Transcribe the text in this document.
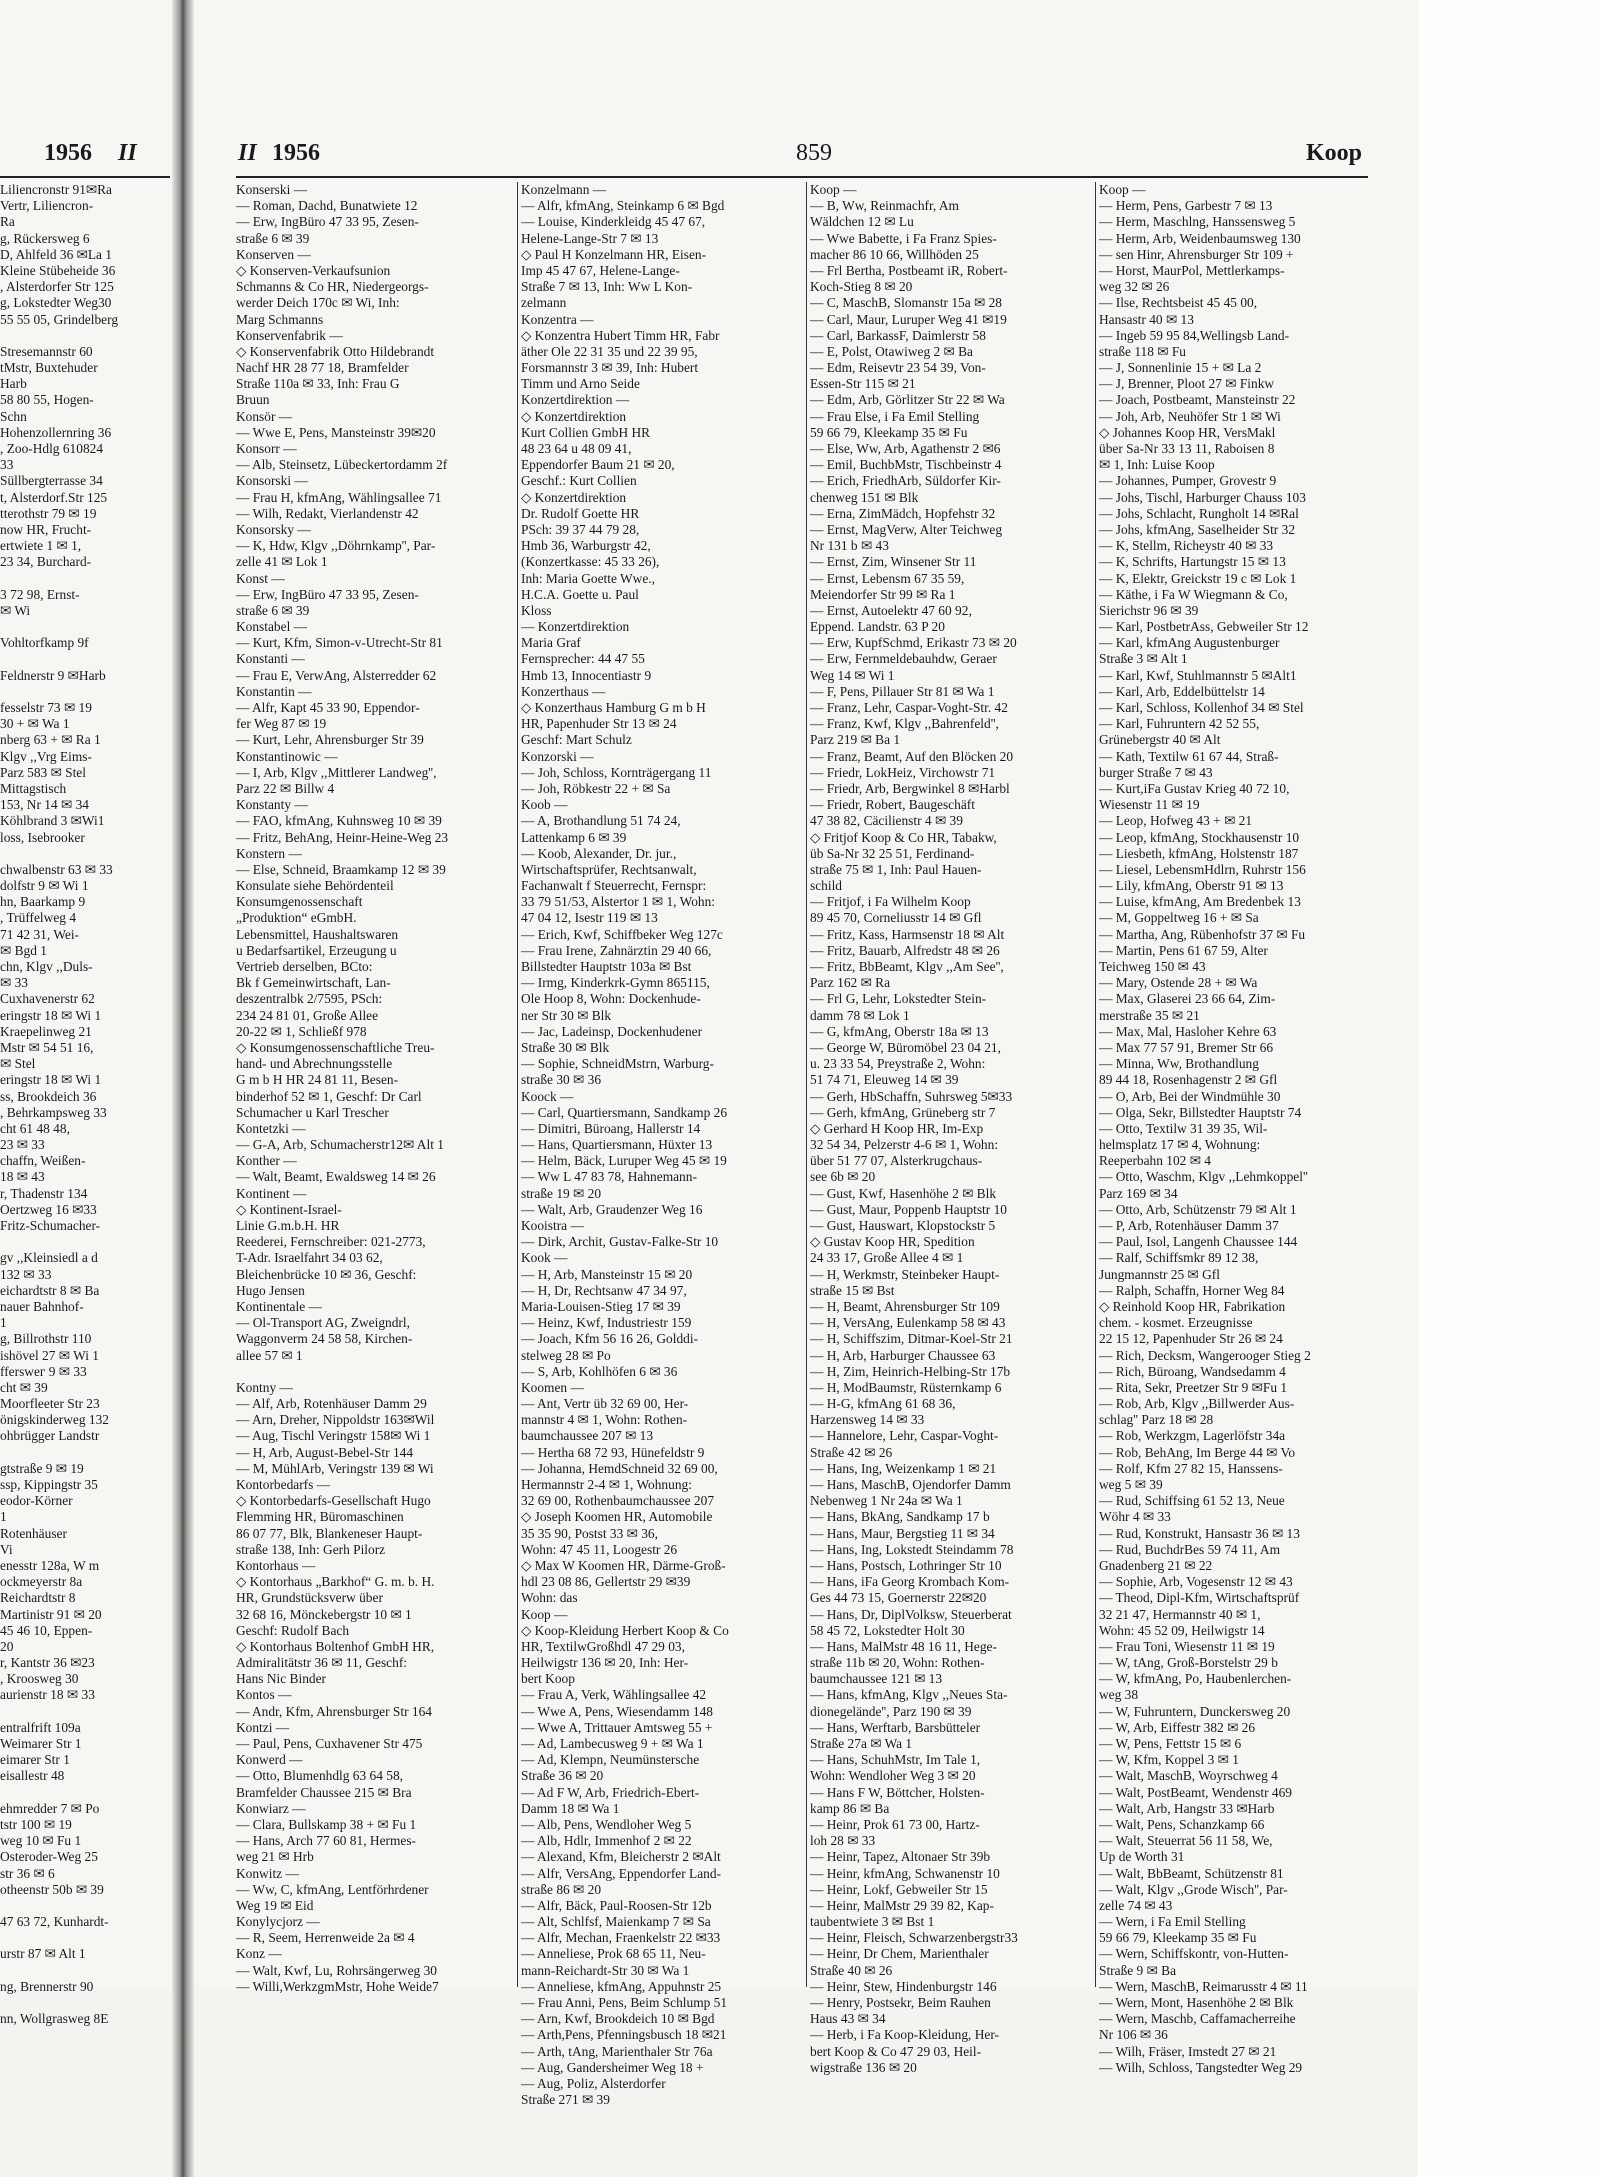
1956 II	II 1956	859	Koop
Liliencronstr 91✉Ra
Vertr, Liliencron-
Ra
g, Rückersweg 6
D, Ahlfeld 36 ✉La 1
Kleine Stübeheide 36
, Alsterdorfer Str 125
g, Lokstedter Weg30
55 55 05, Grindelberg
Stresemannstr 60
tMstr, Buxtehuder
Harb
58 80 55, Hogen-
Schn
Hohenzollernring 36
, Zoo-Hdlg 610824
33
Süllbergterrasse 34
t, Alsterdorf.Str 125
tterothstr 79 ✉ 19
now HR, Frucht-
ertwiete 1 ✉ 1,
23 34, Burchard-
3 72 98, Ernst-
✉ Wi
Vohltorfkamp 9f
Feldnerstr 9 ✉Harb
fesselstr 73 ✉ 19
30 + ✉ Wa 1
nberg 63 + ✉ Ra 1
Klgv ,,Vrg Eims-
Parz 583 ✉ Stel
Mittagstisch
153, Nr 14 ✉ 34
Köhlbrand 3 ✉Wi1
loss, Isebrooker
chwalbenstr 63 ✉ 33
dolfstr 9 ✉ Wi 1
hn, Baarkamp 9
, Trüffelweg 4
71 42 31, Wei-
✉ Bgd 1
chn, Klgv ,,Duls-
✉ 33
Cuxhavenerstr 62
eringstr 18 ✉ Wi 1
Kraepelinweg 21
Mstr ✉ 54 51 16,
✉ Stel
eringstr 18 ✉ Wi 1
ss, Brookdeich 36
, Behrkampsweg 33
cht 61 48 48,
23 ✉ 33
chaffn, Weißen-
18 ✉ 43
r, Thadenstr 134
Oertzweg 16 ✉33
Fritz-Schumacher-
gv ,,Kleinsiedl a d
132 ✉ 33
eichardtstr 8 ✉ Ba
nauer Bahnhof-
1
g, Billrothstr 110
ishövel 27 ✉ Wi 1
fferswег 9 ✉ 33
cht ✉ 39
Moorfleeter Str 23
önigskinderweg 132
ohbrügger Landstr
gtstraße 9 ✉ 19
ssp, Kippingstr 35
eodor-Körner
1
Rotenhäuser
Vi
enesstr 128a, W m
ockmeyerstr 8a
Reichardtstr 8
Martinistr 91 ✉ 20
45 46 10, Eppen-
20
r, Kantstr 36 ✉23
, Kroosweg 30
aurienstr 18 ✉ 33
entralfrift 109a
Weimarer Str 1
eimarer Str 1
eisallestr 48
ehmredder 7 ✉ Po
tstr 100 ✉ 19
weg 10 ✉ Fu 1
Osteroder-Weg 25
str 36 ✉ 6
otheenstr 50b ✉ 39
47 63 72, Kunhardt-
urstr 87 ✉ Alt 1
ng, Brennerstr 90
nn, Wollgrasweg 8E
Konserski —
— Roman, Dachd, Bunatwiete 12
— Erw, IngBüro 47 33 95, Zesen-
straße 6 ✉ 39
Konserven —
◇ Konserven-Verkaufsunion
Schmanns & Co HR, Niedergeorgs-
werder Deich 170c ✉ Wi, Inh:
Marg Schmanns
Konservenfabrik —
◇ Konservenfabrik Otto Hildebrandt
Nachf HR 28 77 18, Bramfelder
Straße 110a ✉ 33, Inh: Frau G
Bruun
Konsör —
— Wwe E, Pens, Mansteinstr 39✉20
Konsorr —
— Alb, Steinsetz, Lübeckertordamm 2f
Konsorski —
— Frau H, kfmAng, Wählingsallee 71
— Wilh, Redakt, Vierlandenstr 42
Konsorsky —
— K, Hdw, Klgv ,,Döhrnkamp'', Par-
zelle 41 ✉ Lok 1
Konst —
— Erw, IngBüro 47 33 95, Zesen-
straße 6 ✉ 39
Konstabel —
— Kurt, Kfm, Simon-v-Utrecht-Str 81
Konstanti —
— Frau E, VerwAng, Alsterredder 62
Konstantin —
— Alfr, Kapt 45 33 90, Eppendor-
fer Weg 87 ✉ 19
— Kurt, Lehr, Ahrensburger Str 39
Konstantinowic —
— I, Arb, Klgv ,,Mittlerer Landweg'',
Parz 22 ✉ Billw 4
Konstanty —
— FAO, kfmAng, Kuhnsweg 10 ✉ 39
— Fritz, BehAng, Heinr-Heine-Weg 23
Konstern —
— Else, Schneid, Braamkamp 12 ✉ 39
Konsulate siehe Behördenteil
Konsumgenossenschaft
„Produktion“ eGmbH.
Lebensmittel, Haushaltswaren
u Bedarfsartikel, Erzeugung u
Vertrieb derselben, BCto:
Bk f Gemeinwirtschaft, Lan-
deszentralbk 2/7595, PSch:
234 24 81 01, Große Allee
20-22 ✉ 1, Schließf 978
◇ Konsumgenossenschaftliche Treu-
hand- und Abrechnungsstelle
G m b H HR 24 81 11, Besen-
binderhof 52 ✉ 1, Geschf: Dr Carl
Schumacher u Karl Trescher
Kontetzki —
— G-A, Arb, Schumacherstr12✉ Alt 1
Konther —
— Walt, Beamt, Ewaldsweg 14 ✉ 26
Kontinent —
◇ Kontinent-Israel-
Linie G.m.b.H. HR
Reederei, Fernschreiber: 021-2773,
T-Adr. Israelfahrt 34 03 62,
Bleichenbrücke 10 ✉ 36, Geschf:
Hugo Jensen
Kontinentale —
— Ol-Transport AG, Zweigndrl,
Waggonverm 24 58 58, Kirchen-
allee 57 ✉ 1
Kontny —
— Alf, Arb, Rotenhäuser Damm 29
— Arn, Dreher, Nippoldstr 163✉Wil
— Aug, Tischl Veringstr 158✉ Wi 1
— H, Arb, August-Bebel-Str 144
— M, MühlArb, Veringstr 139 ✉ Wi
Kontorbedarfs —
◇ Kontorbedarfs-Gesellschaft Hugo
Flemming HR, Büromaschinen
86 07 77, Blk, Blankeneser Haupt-
straße 138, Inh: Gerh Pilorz
Kontorhaus —
◇ Kontorhaus „Barkhof“ G. m. b. H.
HR, Grundstücksverw über
32 68 16, Mönckebergstr 10 ✉ 1
Geschf: Rudolf Bach
◇ Kontorhaus Boltenhof GmbH HR,
Admiralitätstr 36 ✉ 11, Geschf:
Hans Nic Binder
Kontos —
— Andr, Kfm, Ahrensburger Str 164
Kontzi —
— Paul, Pens, Cuxhavener Str 475
Konwerd —
— Otto, Blumenhdlg 63 64 58,
Bramfelder Chaussee 215 ✉ Bra
Konwiarz —
— Clara, Bullskamp 38 + ✉ Fu 1
— Hans, Arch 77 60 81, Hermes-
weg 21 ✉ Hrb
Konwitz —
— Ww, C, kfmAng, Lentförhrdener
Weg 19 ✉ Eid
Konylycjorz —
— R, Seem, Herrenweide 2a ✉ 4
Konz —
— Walt, Kwf, Lu, Rohrsängerweg 30
— Willi,WerkzgmMstr, Hohe Weide7
Konzelmann —
— Alfr, kfmAng, Steinkamp 6 ✉ Bgd
— Louise, Kinderkleidg 45 47 67,
Helene-Lange-Str 7 ✉ 13
◇ Paul H Konzelmann HR, Eisen-
Imp 45 47 67, Helene-Lange-
Straße 7 ✉ 13, Inh: Ww L Kon-
zelmann
Konzentra —
◇ Konzentra Hubert Timm HR, Fabr
äther Ole 22 31 35 und 22 39 95,
Forsmannstr 3 ✉ 39, Inh: Hubert
Timm und Arno Seide
Konzertdirektion —
◇ Konzertdirektion
Kurt Collien GmbH HR
48 23 64 u 48 09 41,
Eppendorfer Baum 21 ✉ 20,
Geschf.: Kurt Collien
◇ Konzertdirektion
Dr. Rudolf Goette HR
PSch: 39 37 44 79 28,
Hmb 36, Warburgstr 42,
(Konzertkasse: 45 33 26),
Inh: Maria Goette Wwe.,
H.C.A. Goette u. Paul
Kloss
— Konzertdirektion
Maria Graf
Fernsprecher: 44 47 55
Hmb 13, Innocentiastr 9
Konzerthaus —
◇ Konzerthaus Hamburg G m b H
HR, Papenhuder Str 13 ✉ 24
Geschf: Mart Schulz
Konzorski —
— Joh, Schloss, Kornträgergang 11
— Joh, Röbkestr 22 + ✉ Sa
Koob —
— A, Brothandlung 51 74 24,
Lattenkamp 6 ✉ 39
— Koob, Alexander, Dr. jur.,
Wirtschaftsprüfer, Rechtsanwalt,
Fachanwalt f Steuerrecht, Fernspr:
33 79 51/53, Alstertor 1 ✉ 1, Wohn:
47 04 12, Isestr 119 ✉ 13
— Erich, Kwf, Schiffbeker Weg 127c
— Frau Irene, Zahnärztin 29 40 66,
Billstedter Hauptstr 103a ✉ Bst
— Irmg, Kinderkrk-Gymn 865115,
Ole Hoop 8, Wohn: Dockenhude-
ner Str 30 ✉ Blk
— Jac, Ladeinsp, Dockenhudener
Straße 30 ✉ Blk
— Sophie, SchneidMstrn, Warburg-
straße 30 ✉ 36
Koock —
— Carl, Quartiersmann, Sandkamp 26
— Dimitri, Büroang, Hallerstr 14
— Hans, Quartiersmann, Hüxter 13
— Helm, Bäck, Luruper Weg 45 ✉ 19
— Ww L 47 83 78, Hahnemann-
straße 19 ✉ 20
— Walt, Arb, Graudenzer Weg 16
Kooistra —
— Dirk, Archit, Gustav-Falke-Str 10
Kook —
— H, Arb, Mansteinstr 15 ✉ 20
— H, Dr, Rechtsanw 47 34 97,
Maria-Louisen-Stieg 17 ✉ 39
— Heinz, Kwf, Industriestr 159
— Joach, Kfm 56 16 26, Golddi-
stelweg 28 ✉ Po
— S, Arb, Kohlhöfen 6 ✉ 36
Koomen —
— Ant, Vertr üb 32 69 00, Her-
mannstr 4 ✉ 1, Wohn: Rothen-
baumchaussee 207 ✉ 13
— Hertha 68 72 93, Hünefeldstr 9
— Johanna, HemdSchneid 32 69 00,
Hermannstr 2-4 ✉ 1, Wohnung:
32 69 00, Rothenbaumchaussee 207
◇ Joseph Koomen HR, Automobile
35 35 90, Postst 33 ✉ 36,
Wohn: 47 45 11, Loogestr 26
◇ Max W Koomen HR, Därme-Groß-
hdl 23 08 86, Gellertstr 29 ✉39
Wohn: das
Koop —
◇ Koop-Kleidung Herbert Koop & Co
HR, TextilwGroßhdl 47 29 03,
Heilwigstr 136 ✉ 20, Inh: Her-
bert Koop
— Frau A, Verk, Wählingsallee 42
— Wwe A, Pens, Wiesendamm 148
— Wwe A, Trittauer Amtsweg 55 +
— Ad, Lambecusweg 9 + ✉ Wa 1
— Ad, Klempn, Neumünstersche
Straße 36 ✉ 20
— Ad F W, Arb, Friedrich-Ebert-
Damm 18 ✉ Wa 1
— Alb, Pens, Wendloher Weg 5
— Alb, Hdlr, Immenhof 2 ✉ 22
— Alexand, Kfm, Bleicherstr 2 ✉Alt
— Alfr, VersAng, Eppendorfer Land-
straße 86 ✉ 20
— Alfr, Bäck, Paul-Roosen-Str 12b
— Alt, Schlfsf, Maienkamp 7 ✉ Sa
— Alfr, Mechan, Fraenkelstr 22 ✉33
— Anneliese, Prok 68 65 11, Neu-
mann-Reichardt-Str 30 ✉ Wa 1
— Anneliese, kfmAng, Appuhnstr 25
— Frau Anni, Pens, Beim Schlump 51
— Arn, Kwf, Brookdeich 10 ✉ Bgd
— Arth,Pens, Pfenningsbusch 18 ✉21
— Arth, tAng, Marienthaler Str 76a
— Aug, Gandersheimer Weg 18 +
— Aug, Poliz, Alsterdorfer
Straße 271 ✉ 39
Koop —
— B, Ww, Reinmachfr, Am
Wäldchen 12 ✉ Lu
— Wwe Babette, i Fa Franz Spies-
macher 86 10 66, Willhöden 25
— Frl Bertha, Postbeamt iR, Robert-
Koch-Stieg 8 ✉ 20
— C, MaschB, Slomanstr 15a ✉ 28
— Carl, Maur, Luruper Weg 41 ✉19
— Carl, BarkassF, Daimlerstr 58
— E, Polst, Otawiweg 2 ✉ Ba
— Edm, Reisevtr 23 54 39, Von-
Essen-Str 115 ✉ 21
— Edm, Arb, Görlitzer Str 22 ✉ Wa
— Frau Else, i Fa Emil Stelling
59 66 79, Kleekamp 35 ✉ Fu
— Else, Ww, Arb, Agathenstr 2 ✉6
— Emil, BuchbMstr, Tischbeinstr 4
— Erich, FriedhArb, Süldorfer Kir-
chenweg 151 ✉ Blk
— Erna, ZimMädch, Hopfehstr 32
— Ernst, MagVerw, Alter Teichweg
Nr 131 b ✉ 43
— Ernst, Zim, Winsener Str 11
— Ernst, Lebensm 67 35 59,
Meiendorfer Str 99 ✉ Ra 1
— Ernst, Autoelektr 47 60 92,
Eppend. Landstr. 63 P 20
— Erw, KupfSchmd, Erikastr 73 ✉ 20
— Erw, Fernmeldebauhdw, Geraer
Weg 14 ✉ Wi 1
— F, Pens, Pillauer Str 81 ✉ Wa 1
— Franz, Lehr, Caspar-Voght-Str. 42
— Franz, Kwf, Klgv ,,Bahrenfeld'',
Parz 219 ✉ Ba 1
— Franz, Beamt, Auf den Blöcken 20
— Friedr, LokHeiz, Virchowstr 71
— Friedr, Arb, Bergwinkel 8 ✉Harbl
— Friedr, Robert, Baugeschäft
47 38 82, Cäcilienstr 4 ✉ 39
◇ Fritjof Koop & Co HR, Tabakw,
üb Sa-Nr 32 25 51, Ferdinand-
straße 75 ✉ 1, Inh: Paul Hauen-
schild
— Fritjof, i Fa Wilhelm Koop
89 45 70, Corneliusstr 14 ✉ Gfl
— Fritz, Kass, Harmsenstr 18 ✉ Alt
— Fritz, Bauarb, Alfredstr 48 ✉ 26
— Fritz, BbBeamt, Klgv ,,Am See'',
Parz 162 ✉ Ra
— Frl G, Lehr, Lokstedter Stein-
damm 78 ✉ Lok 1
— G, kfmAng, Oberstr 18a ✉ 13
— George W, Büromöbel 23 04 21,
u. 23 33 54, Preystraße 2, Wohn:
51 74 71, Eleuweg 14 ✉ 39
— Gerh, HbSchaffn, Suhrsweg 5✉33
— Gerh, kfmAng, Grüneberg str 7
◇ Gerhard H Koop HR, Im-Exp
32 54 34, Pelzerstr 4-6 ✉ 1, Wohn:
über 51 77 07, Alsterkrugchaus-
see 6b ✉ 20
— Gust, Kwf, Hasenhöhe 2 ✉ Blk
— Gust, Maur, Poppenb Hauptstr 10
— Gust, Hauswart, Klopstockstr 5
◇ Gustav Koop HR, Spedition
24 33 17, Große Allee 4 ✉ 1
— H, Werkmstr, Steinbeker Haupt-
straße 15 ✉ Bst
— H, Beamt, Ahrensburger Str 109
— H, VersAng, Eulenkamp 58 ✉ 43
— H, Schiffszim, Ditmar-Koel-Str 21
— H, Arb, Harburger Chaussee 63
— H, Zim, Heinrich-Helbing-Str 17b
— H, ModBaumstr, Rüsternkamp 6
— H-G, kfmAng 61 68 36,
Harzensweg 14 ✉ 33
— Hannelore, Lehr, Caspar-Voght-
Straße 42 ✉ 26
— Hans, Ing, Weizenkamp 1 ✉ 21
— Hans, MaschB, Ojendorfer Damm
Nebenweg 1 Nr 24a ✉ Wa 1
— Hans, BkAng, Sandkamp 17 b
— Hans, Maur, Bergstieg 11 ✉ 34
— Hans, Ing, Lokstedt Steindamm 78
— Hans, Postsch, Lothringer Str 10
— Hans, iFa Georg Krombach Kom-
Ges 44 73 15, Goernerstr 22✉20
— Hans, Dr, DiplVolksw, Steuerberat
58 45 72, Lokstedter Holt 30
— Hans, MalMstr 48 16 11, Hege-
straße 11b ✉ 20, Wohn: Rothen-
baumchaussee 121 ✉ 13
— Hans, kfmAng, Klgv ,,Neues Sta-
dionegelände'', Parz 190 ✉ 39
— Hans, Werftarb, Barsbütteler
Straße 27a ✉ Wa 1
— Hans, SchuhMstr, Im Tale 1,
Wohn: Wendloher Weg 3 ✉ 20
— Hans F W, Böttcher, Holsten-
kamp 86 ✉ Ba
— Heinr, Prok 61 73 00, Hartz-
loh 28 ✉ 33
— Heinr, Tapez, Altonaer Str 39b
— Heinr, kfmAng, Schwanenstr 10
— Heinr, Lokf, Gebweiler Str 15
— Heinr, MalMstr 29 39 82, Kap-
taubentwiete 3 ✉ Bst 1
— Heinr, Fleisch, Schwarzenbergstr33
— Heinr, Dr Chem, Marienthaler
Straße 40 ✉ 26
— Heinr, Stew, Hindenburgstr 146
— Henry, Postsekr, Beim Rauhen
Haus 43 ✉ 34
— Herb, i Fa Koop-Kleidung, Her-
bert Koop & Co 47 29 03, Heil-
wigstraße 136 ✉ 20
Koop —
— Herm, Pens, Garbestr 7 ✉ 13
— Herm, Maschlng, Hanssensweg 5
— Herm, Arb, Weidenbaumsweg 130
— sen Hinr, Ahrensburger Str 109 +
— Horst, MaurPol, Mettlerkamps-
weg 32 ✉ 26
— Ilse, Rechtsbeist 45 45 00,
Hansastr 40 ✉ 13
— Ingeb 59 95 84,Wellingsb Land-
straße 118 ✉ Fu
— J, Sonnenlinie 15 + ✉ La 2
— J, Brenner, Ploot 27 ✉ Finkw
— Joach, Postbeamt, Mansteinstr 22
— Joh, Arb, Neuhöfer Str 1 ✉ Wi
◇ Johannes Koop HR, VersMakl
über Sa-Nr 33 13 11, Raboisen 8
✉ 1, Inh: Luise Koop
— Johannes, Pumper, Grovestr 9
— Johs, Tischl, Harburger Chauss 103
— Johs, Schlacht, Rungholt 14 ✉Ral
— Johs, kfmAng, Saselheider Str 32
— K, Stellm, Richeystr 40 ✉ 33
— K, Schrifts, Hartungstr 15 ✉ 13
— K, Elektr, Greickstr 19 c ✉ Lok 1
— Käthe, i Fa W Wiegmann & Co,
Sierichstr 96 ✉ 39
— Karl, PostbetrAss, Gebweiler Str 12
— Karl, kfmAng Augustenburger
Straße 3 ✉ Alt 1
— Karl, Kwf, Stuhlmannstr 5 ✉Alt1
— Karl, Arb, Eddelbüttelstr 14
— Karl, Schloss, Kollenhof 34 ✉ Stel
— Karl, Fuhruntern 42 52 55,
Grünebergstr 40 ✉ Alt
— Kath, Textilw 61 67 44, Straß-
burger Straße 7 ✉ 43
— Kurt,iFa Gustav Krieg 40 72 10,
Wiesenstr 11 ✉ 19
— Leop, Hofweg 43 + ✉ 21
— Leop, kfmAng, Stockhausenstr 10
— Liesbeth, kfmAng, Holstenstr 187
— Liesel, LebensmHdlrn, Ruhrstr 156
— Lily, kfmAng, Oberstr 91 ✉ 13
— Luise, kfmAng, Am Bredenbek 13
— M, Goppeltweg 16 + ✉ Sa
— Martha, Ang, Rübenhofstr 37 ✉ Fu
— Martin, Pens 61 67 59, Alter
Teichweg 150 ✉ 43
— Mary, Ostende 28 + ✉ Wa
— Max, Glaserei 23 66 64, Zim-
merstraße 35 ✉ 21
— Max, Mal, Hasloher Kehre 63
— Max 77 57 91, Bremer Str 66
— Minna, Ww, Brothandlung
89 44 18, Rosenhagenstr 2 ✉ Gfl
— O, Arb, Bei der Windmühle 30
— Olga, Sekr, Billstedter Hauptstr 74
— Otto, Textilw 31 39 35, Wil-
helmsplatz 17 ✉ 4, Wohnung:
Reeperbahn 102 ✉ 4
— Otto, Waschm, Klgv ,,Lehmkoppel''
Parz 169 ✉ 34
— Otto, Arb, Schützenstr 79 ✉ Alt 1
— P, Arb, Rotenhäuser Damm 37
— Paul, Isol, Langenh Chaussee 144
— Ralf, Schiffsmkr 89 12 38,
Jungmannstr 25 ✉ Gfl
— Ralph, Schaffn, Horner Weg 84
◇ Reinhold Koop HR, Fabrikation
chem. - kosmet. Erzeugnisse
22 15 12, Papenhuder Str 26 ✉ 24
— Rich, Decksm, Wangerooger Stieg 2
— Rich, Büroang, Wandsedamm 4
— Rita, Sekr, Preetzer Str 9 ✉Fu 1
— Rob, Arb, Klgv ,,Billwerder Aus-
schlag'' Parz 18 ✉ 28
— Rob, Werkzgm, Lagerlöfstr 34a
— Rob, BehAng, Im Berge 44 ✉ Vo
— Rolf, Kfm 27 82 15, Hanssens-
weg 5 ✉ 39
— Rud, Schiffsing 61 52 13, Neue
Wöhr 4 ✉ 33
— Rud, Konstrukt, Hansastr 36 ✉ 13
— Rud, BuchdrBes 59 74 11, Am
Gnadenberg 21 ✉ 22
— Sophie, Arb, Vogesenstr 12 ✉ 43
— Theod, Dipl-Kfm, Wirtschaftsprüf
32 21 47, Hermannstr 40 ✉ 1,
Wohn: 45 52 09, Heilwigstr 14
— Frau Toni, Wiesenstr 11 ✉ 19
— W, tAng, Groß-Borstelstr 29 b
— W, kfmAng, Po, Haubenlerchen-
weg 38
— W, Fuhruntern, Dunckersweg 20
— W, Arb, Eiffestr 382 ✉ 26
— W, Pens, Fettstr 15 ✉ 6
— W, Kfm, Koppel 3 ✉ 1
— Walt, MaschB, Woyrschweg 4
— Walt, PostBeamt, Wendenstr 469
— Walt, Arb, Hangstr 33 ✉Harb
— Walt, Pens, Schanzkamp 66
— Walt, Steuerrat 56 11 58, We,
Up de Worth 31
— Walt, BbBeamt, Schützenstr 81
— Walt, Klgv ,,Grode Wisch'', Par-
zelle 74 ✉ 43
— Wern, i Fa Emil Stelling
59 66 79, Kleekamp 35 ✉ Fu
— Wern, Schiffskontr, von-Hutten-
Straße 9 ✉ Ba
— Wern, MaschB, Reimarusstr 4 ✉ 11
— Wern, Mont, Hasenhöhe 2 ✉ Blk
— Wern, Maschb, Caffamacherreihe
Nr 106 ✉ 36
— Wilh, Fräser, Imstedt 27 ✉ 21
— Wilh, Schloss, Tangstedter Weg 29
